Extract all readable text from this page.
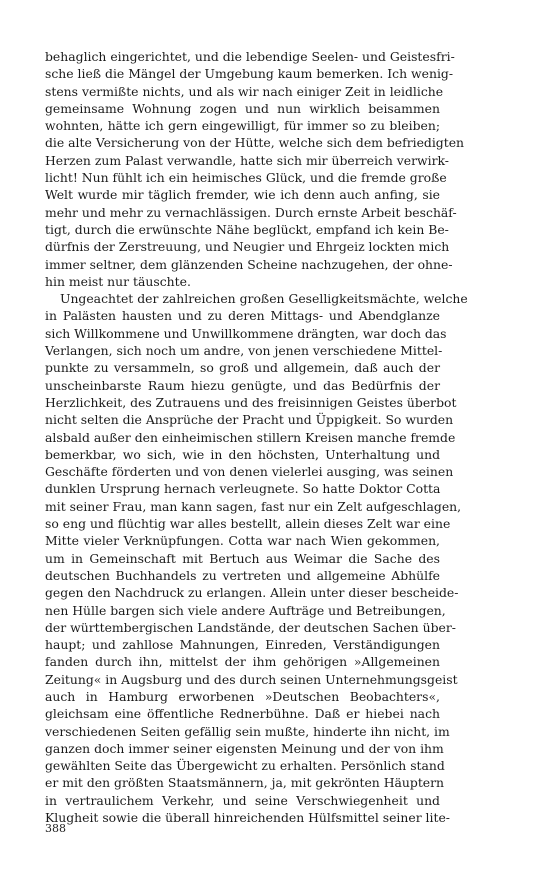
behaglich eingerichtet, und die lebendige Seelen- und Geistesfri-
sche ließ die Mängel der Umgebung kaum bemerken. Ich wenig-
stens vermißte nichts, und als wir nach einiger Zeit in leidliche
gemeinsame Wohnung zogen und nun wirklich beisammen
wohnten, hätte ich gern eingewilligt, für immer so zu bleiben;
die alte Versicherung von der Hütte, welche sich dem befriedigten
Herzen zum Palast verwandle, hatte sich mir überreich verwirk-
licht! Nun fühlt ich ein heimisches Glück, und die fremde große
Welt wurde mir täglich fremder, wie ich denn auch anfing, sie
mehr und mehr zu vernachlässigen. Durch ernste Arbeit beschäf-
tigt, durch die erwünschte Nähe beglückt, empfand ich kein Be-
dürfnis der Zerstreuung, und Neugier und Ehrgeiz lockten mich
immer seltner, dem glänzenden Scheine nachzugehen, der ohne-
hin meist nur täuschte.
Ungeachtet der zahlreichen großen Geselligkeitsmächte, welche
in Palästen hausten und zu deren Mittags- und Abendglanze
sich Willkommene und Unwillkommene drängten, war doch das
Verlangen, sich noch um andre, von jenen verschiedene Mittel-
punkte zu versammeln, so groß und allgemein, daß auch der
unscheinbarste Raum hiezu genügte, und das Bedürfnis der
Herzlichkeit, des Zutrauens und des freisinnigen Geistes überbot
nicht selten die Ansprüche der Pracht und Üppigkeit. So wurden
alsbald außer den einheimischen stillern Kreisen manche fremde
bemerkbar, wo sich, wie in den höchsten, Unterhaltung und
Geschäfte förderten und von denen vielerlei ausging, was seinen
dunklen Ursprung hernach verleugnete. So hatte Doktor Cotta
mit seiner Frau, man kann sagen, fast nur ein Zelt aufgeschlagen,
so eng und flüchtig war alles bestellt, allein dieses Zelt war eine
Mitte vieler Verknüpfungen. Cotta war nach Wien gekommen,
um in Gemeinschaft mit Bertuch aus Weimar die Sache des
deutschen Buchhandels zu vertreten und allgemeine Abhülfe
gegen den Nachdruck zu erlangen. Allein unter dieser bescheide-
nen Hülle bargen sich viele andere Aufträge und Betreibungen,
der württembergischen Landstände, der deutschen Sachen über-
haupt; und zahllose Mahnungen, Einreden, Verständigungen
fanden durch ihn, mittelst der ihm gehörigen »Allgemeinen
Zeitung« in Augsburg und des durch seinen Unternehmungsgeist
auch in Hamburg erworbenen »Deutschen Beobachters«,
gleichsam eine öffentliche Rednerbühne. Daß er hiebei nach
verschiedenen Seiten gefällig sein mußte, hinderte ihn nicht, im
ganzen doch immer seiner eigensten Meinung und der von ihm
gewählten Seite das Übergewicht zu erhalten. Persönlich stand
er mit den größten Staatsmännern, ja, mit gekrönten Häuptern
in vertraulichem Verkehr, und seine Verschwiegenheit und
Klugheit sowie die überall hinreichenden Hülfsmittel seiner lite-
388
